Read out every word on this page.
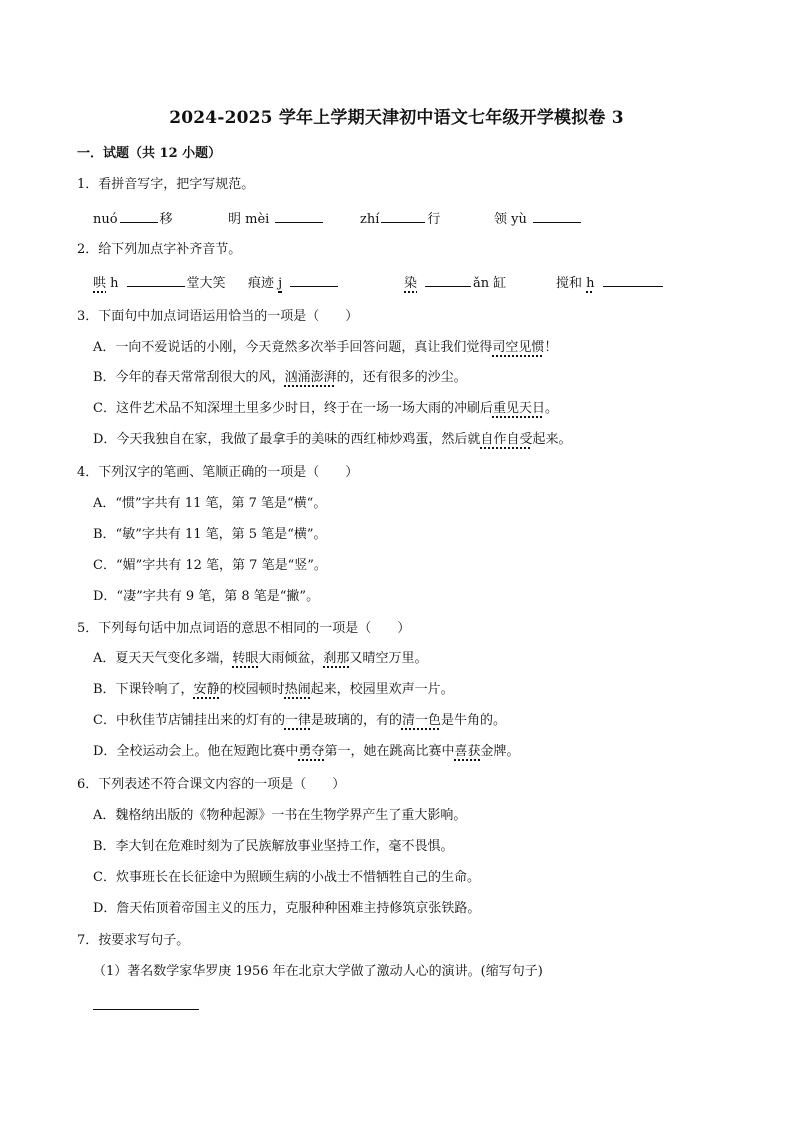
2024-2025 学年上学期天津初中语文七年级开学模拟卷 3
一．试题（共 12 小题）
1．看拼音写字，把字写规范。
nuó	移	明 mèi	zhí	行	领 yù
2．给下列加点字补齐音节。
哄 h	堂大笑 痕迹 j	染	ǎn 缸	搅和 h
3．下面句中加点词语运用恰当的一项是（　　）
A．一向不爱说话的小刚，今天竟然多次举手回答问题，真让我们觉得司空见惯！
B．今年的春天常常刮很大的风，汹涌澎湃的，还有很多的沙尘。
C．这件艺术品不知深埋土里多少时日，终于在一场一场大雨的冲刷后重见天日。
D．今天我独自在家，我做了最拿手的美味的西红柿炒鸡蛋，然后就自作自受起来。
4．下列汉字的笔画、笔顺正确的一项是（　　）
A．“惯”字共有 11 笔，第 7 笔是“横“。
B．“敏”字共有 11 笔，第 5 笔是“横”。
C．“媚”字共有 12 笔，第 7 笔是“竖”。
D．“凄”字共有 9 笔，第 8 笔是“撇”。
5．下列每句话中加点词语的意思不相同的一项是（　　）
A．夏天天气变化多端，转眼大雨倾盆，刹那又晴空万里。
B．下课铃响了，安静的校园顿时热闹起来，校园里欢声一片。
C．中秋佳节店铺挂出来的灯有的一律是玻璃的，有的清一色是牛角的。
D．全校运动会上。他在短跑比赛中勇夺第一，她在跳高比赛中喜获金牌。
6．下列表述不符合课文内容的一项是（　　）
A．魏格纳出版的《物种起源》一书在生物学界产生了重大影响。
B．李大钊在危难时刻为了民族解放事业坚持工作，毫不畏惧。
C．炊事班长在长征途中为照顾生病的小战士不惜牺牲自己的生命。
D．詹天佑顶着帝国主义的压力，克服种种困难主持修筑京张铁路。
7．按要求写句子。
（1）著名数学家华罗庚 1956 年在北京大学做了激动人心的演讲。(缩写句子)
